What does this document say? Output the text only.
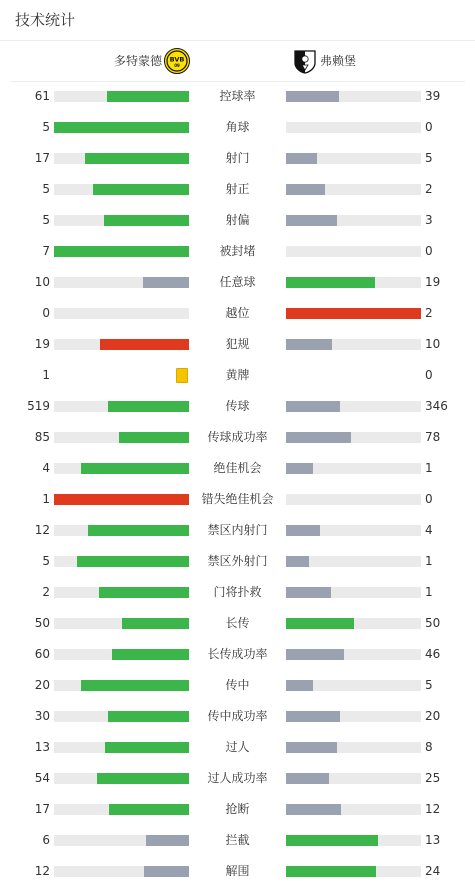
技术统计
多特蒙德 BVB
09	弗赖堡
61	控球率	39
5	角球	0
17	射门	5
5	射正	2
5	射偏	3
7	被封堵	0
10	任意球	19
0	越位	2
19	犯规	10
1	黄牌	0
519	传球	346
85	传球成功率	78
4	绝佳机会	1
1	错失绝佳机会	0
12	禁区内射门	4
5	禁区外射门	1
2	门将扑救	1
50	长传	50
60	长传成功率	46
20	传中	5
30	传中成功率	20
13	过人	8
54	过人成功率	25
17	抢断	12
6	拦截	13
12	解围	24
